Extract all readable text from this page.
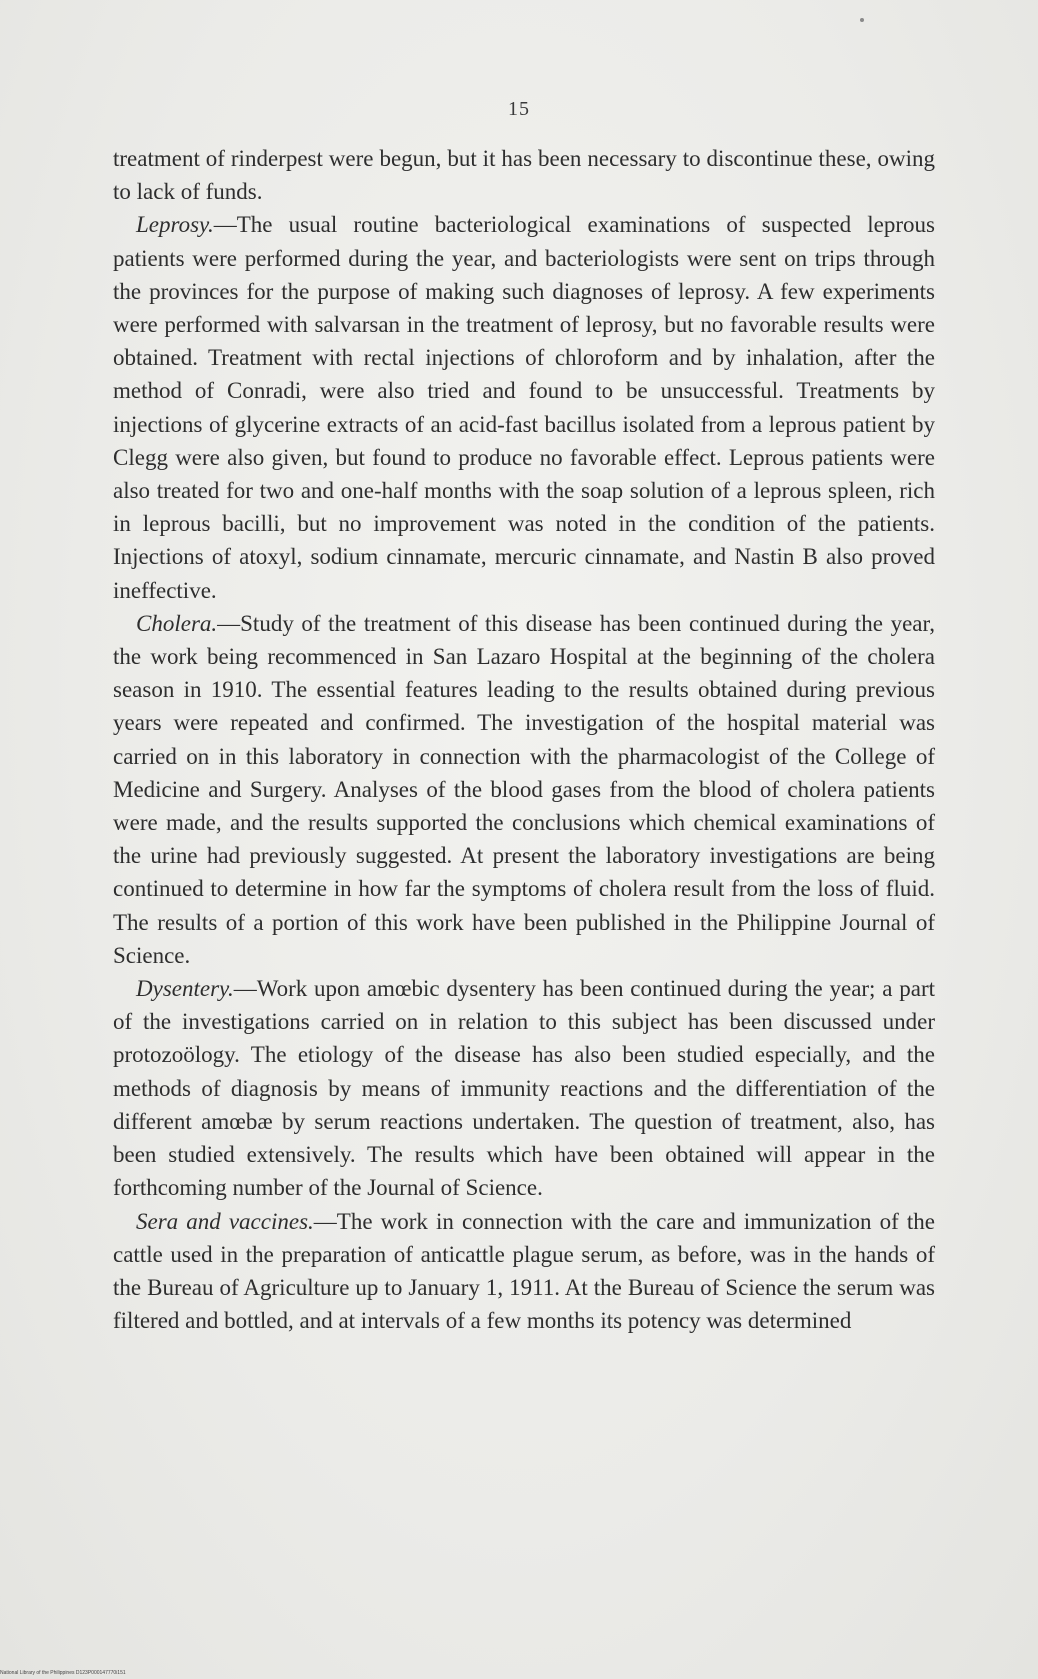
15

treatment of rinderpest were begun, but it has been necessary to discontinue these, owing to lack of funds.

Leprosy.—The usual routine bacteriological examinations of suspected leprous patients were performed during the year, and bacteriologists were sent on trips through the provinces for the purpose of making such diagnoses of leprosy. A few experiments were performed with salvarsan in the treatment of leprosy, but no favorable results were obtained. Treatment with rectal injections of chloroform and by inhalation, after the method of Conradi, were also tried and found to be unsuccessful. Treatments by injections of glycerine extracts of an acid-fast bacillus isolated from a leprous patient by Clegg were also given, but found to produce no favorable effect. Leprous patients were also treated for two and one-half months with the soap solution of a leprous spleen, rich in leprous bacilli, but no improvement was noted in the condition of the patients. Injections of atoxyl, sodium cinnamate, mercuric cinnamate, and Nastin B also proved ineffective.

Cholera.—Study of the treatment of this disease has been continued during the year, the work being recommenced in San Lazaro Hospital at the beginning of the cholera season in 1910. The essential features leading to the results obtained during previous years were repeated and confirmed. The investigation of the hospital material was carried on in this laboratory in connection with the pharmacologist of the College of Medicine and Surgery. Analyses of the blood gases from the blood of cholera patients were made, and the results supported the conclusions which chemical examinations of the urine had previously suggested. At present the laboratory investigations are being continued to determine in how far the symptoms of cholera result from the loss of fluid. The results of a portion of this work have been published in the Philippine Journal of Science.

Dysentery.—Work upon amœbic dysentery has been continued during the year; a part of the investigations carried on in relation to this subject has been discussed under protozoölogy. The etiology of the disease has also been studied especially, and the methods of diagnosis by means of immunity reactions and the differentiation of the different amœbæ by serum reactions undertaken. The question of treatment, also, has been studied extensively. The results which have been obtained will appear in the forthcoming number of the Journal of Science.

Sera and vaccines.—The work in connection with the care and immunization of the cattle used in the preparation of anticattle plague serum, as before, was in the hands of the Bureau of Agriculture up to January 1, 1911. At the Bureau of Science the serum was filtered and bottled, and at intervals of a few months its potency was determined

National Library of the Philippines D123P000147770i151
